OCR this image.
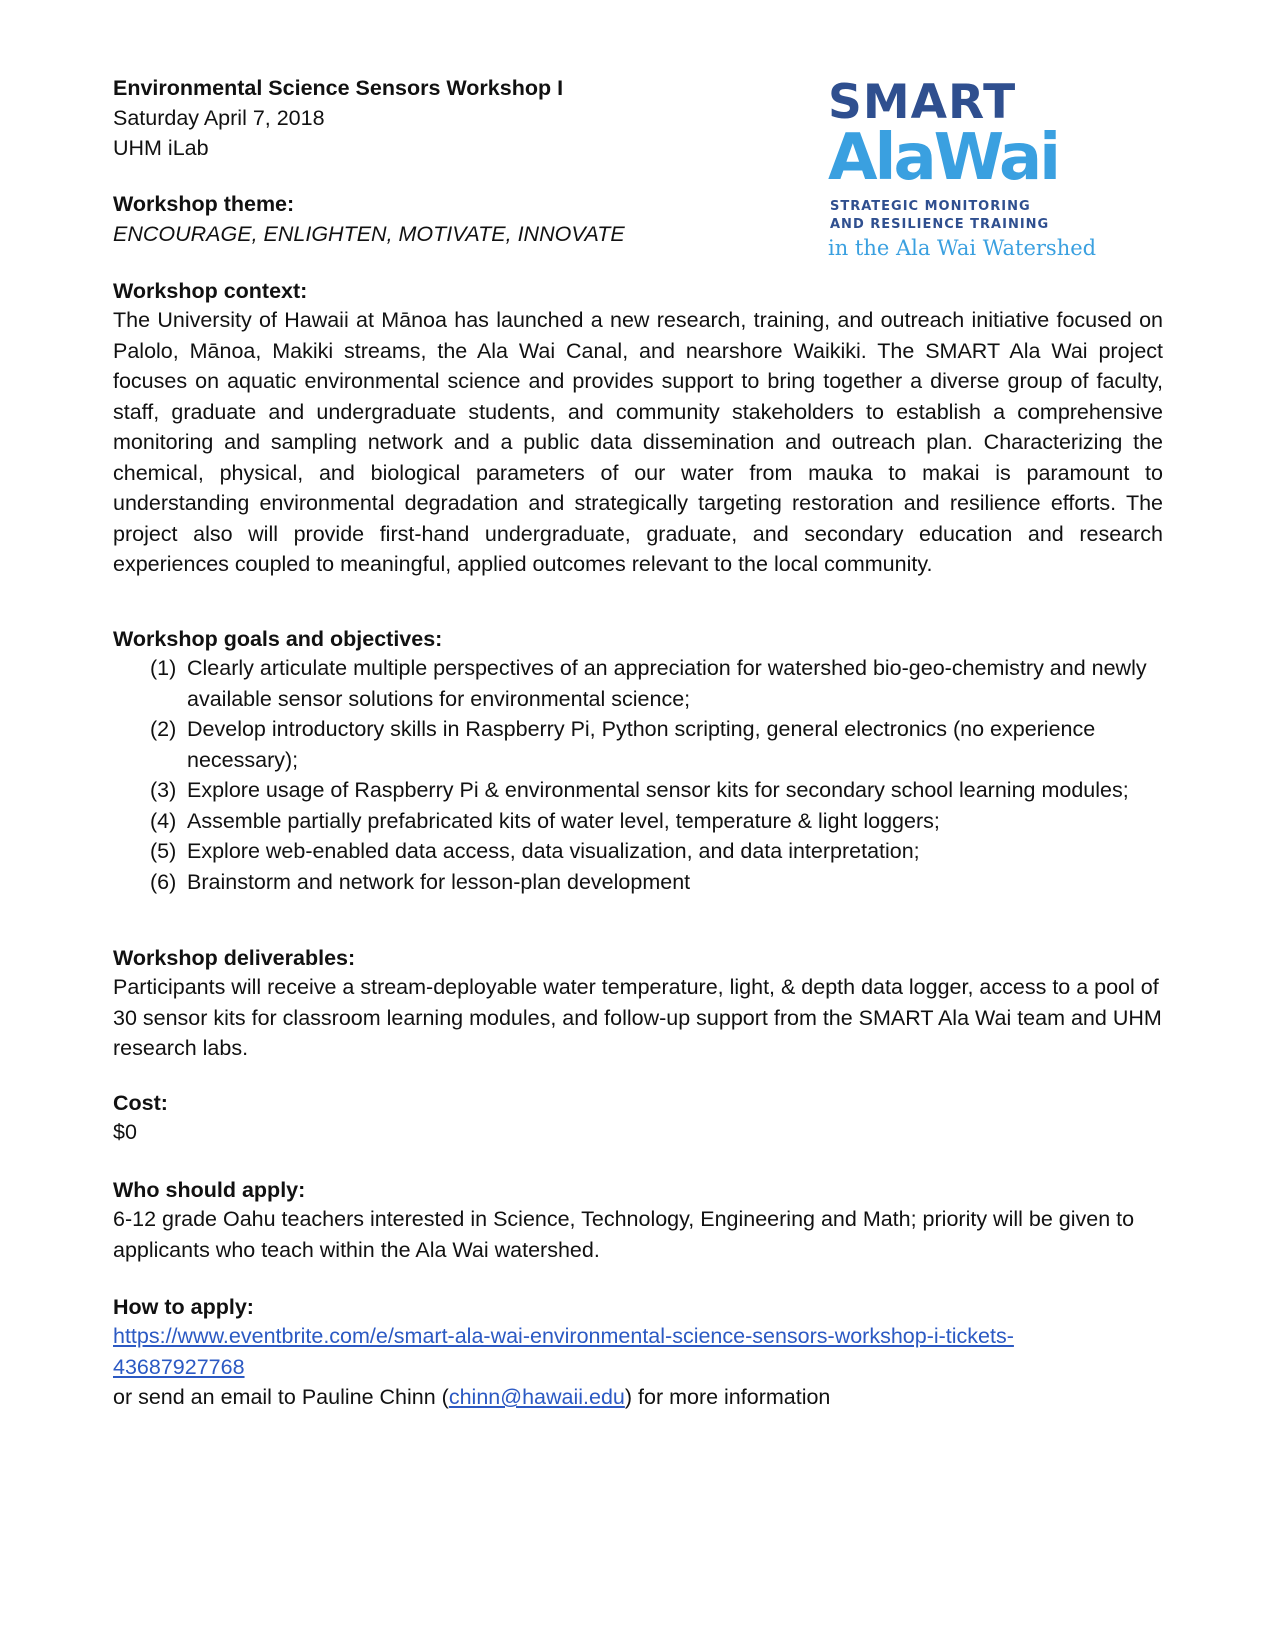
Environmental Science Sensors Workshop I
Saturday April 7, 2018
UHM iLab
SMART
AlaWai
STRATEGIC MONITORING
AND RESILIENCE TRAINING
in the Ala Wai Watershed
Workshop theme:
ENCOURAGE, ENLIGHTEN, MOTIVATE, INNOVATE
Workshop context:
The University of Hawaii at Mānoa has launched a new research, training, and outreach initiative focused on Palolo, Mānoa, Makiki streams, the Ala Wai Canal, and nearshore Waikiki. The SMART Ala Wai project focuses on aquatic environmental science and provides support to bring together a diverse group of faculty, staff, graduate and undergraduate students, and community stakeholders to establish a comprehensive monitoring and sampling network and a public data dissemination and outreach plan. Characterizing the chemical, physical, and biological parameters of our water from mauka to makai is paramount to understanding environmental degradation and strategically targeting restoration and resilience efforts. The project also will provide first-hand undergraduate, graduate, and secondary education and research experiences coupled to meaningful, applied outcomes relevant to the local community.
Workshop goals and objectives:
(1) Clearly articulate multiple perspectives of an appreciation for watershed bio-geo-chemistry and newly available sensor solutions for environmental science;
(2) Develop introductory skills in Raspberry Pi, Python scripting, general electronics (no experience necessary);
(3) Explore usage of Raspberry Pi & environmental sensor kits for secondary school learning modules;
(4) Assemble partially prefabricated kits of water level, temperature & light loggers;
(5) Explore web-enabled data access, data visualization, and data interpretation;
(6) Brainstorm and network for lesson-plan development
Workshop deliverables:
Participants will receive a stream-deployable water temperature, light, & depth data logger, access to a pool of 30 sensor kits for classroom learning modules, and follow-up support from the SMART Ala Wai team and UHM research labs.
Cost:
$0
Who should apply:
6-12 grade Oahu teachers interested in Science, Technology, Engineering and Math; priority will be given to applicants who teach within the Ala Wai watershed.
How to apply:
https://www.eventbrite.com/e/smart-ala-wai-environmental-science-sensors-workshop-i-tickets-
43687927768
or send an email to Pauline Chinn (chinn@hawaii.edu) for more information
